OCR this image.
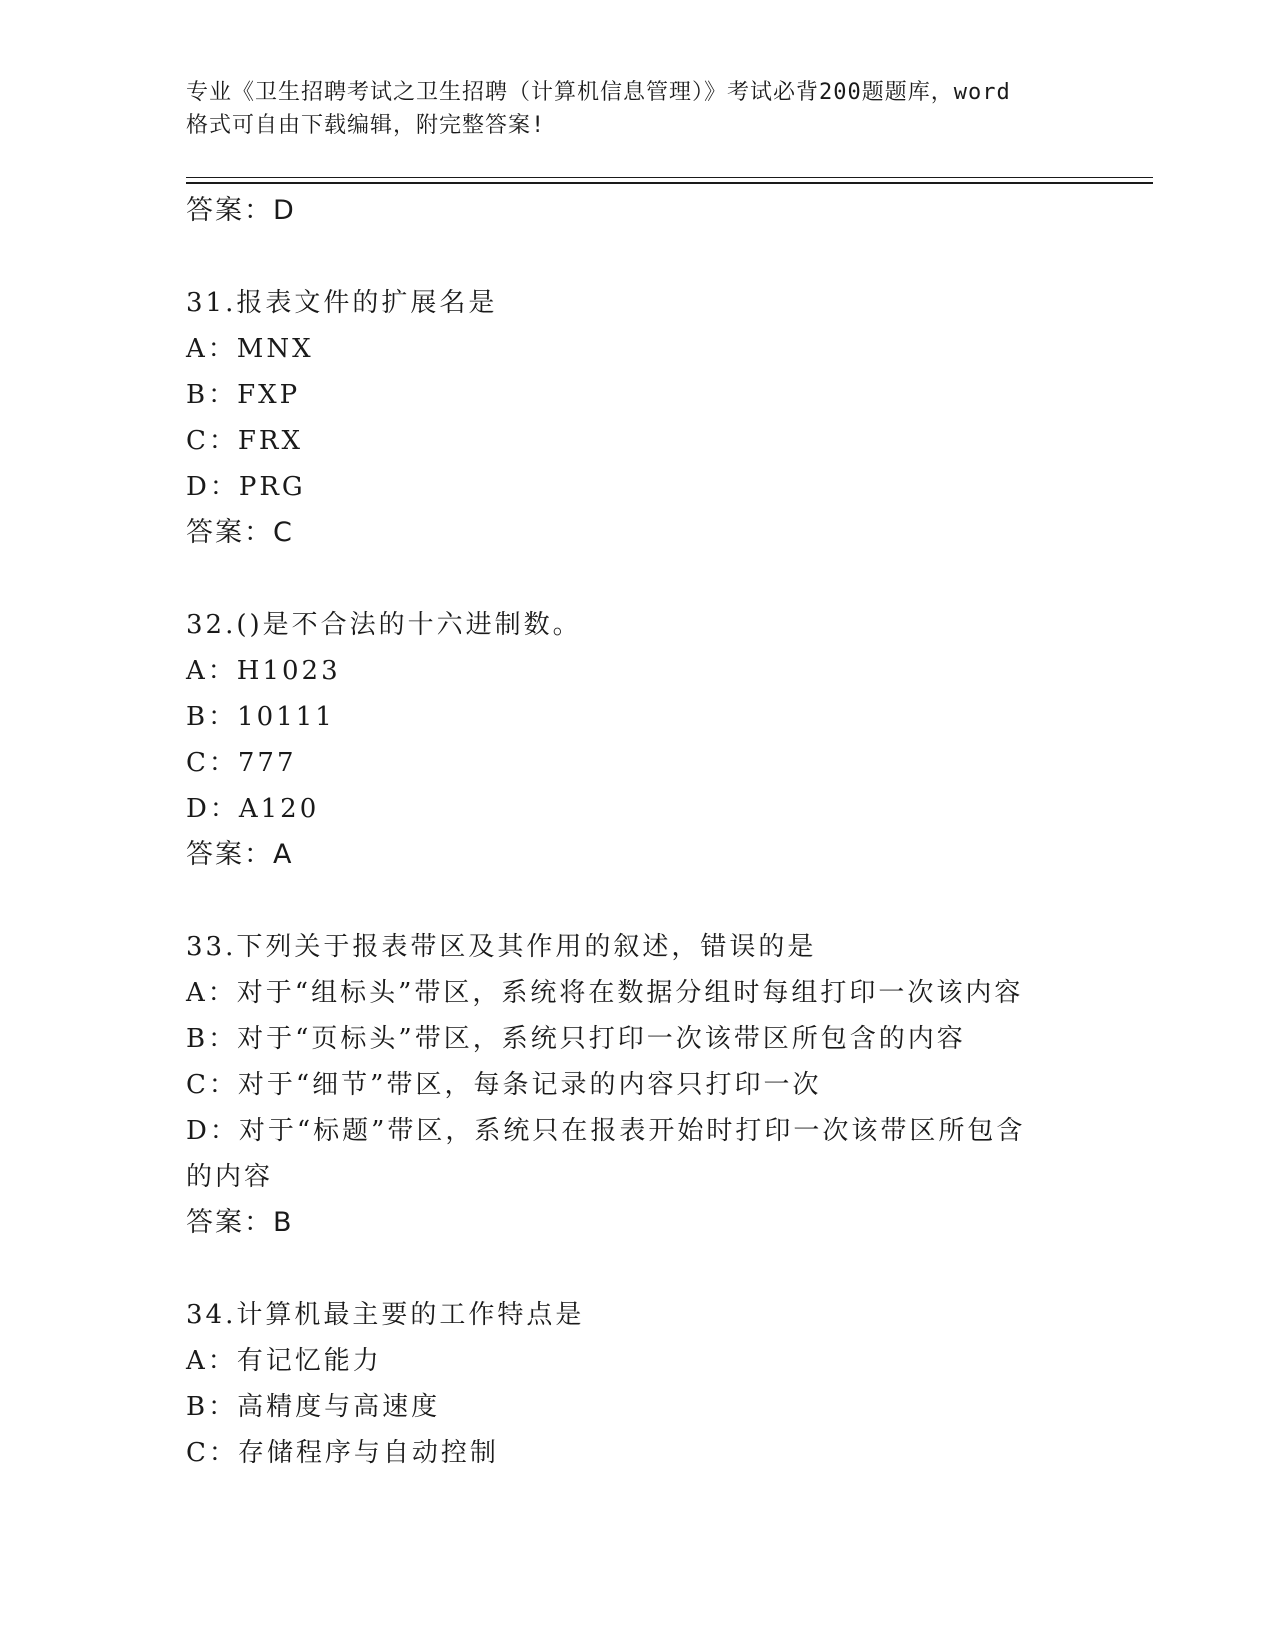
专业《卫生招聘考试之卫生招聘（计算机信息管理）》考试必背200题题库，word
格式可自由下载编辑，附完整答案!
答案：D
31.报表文件的扩展名是
A：MNX
B：FXP
C：FRX
D：PRG
答案：C
32.()是不合法的十六进制数。
A：H1023
B：10111
C：777
D：A120
答案：A
33.下列关于报表带区及其作用的叙述，错误的是
A：对于“组标头”带区，系统将在数据分组时每组打印一次该内容
B：对于“页标头”带区，系统只打印一次该带区所包含的内容
C：对于“细节”带区，每条记录的内容只打印一次
D：对于“标题”带区，系统只在报表开始时打印一次该带区所包含的内容
答案：B
34.计算机最主要的工作特点是
A：有记忆能力
B：高精度与高速度
C：存储程序与自动控制
